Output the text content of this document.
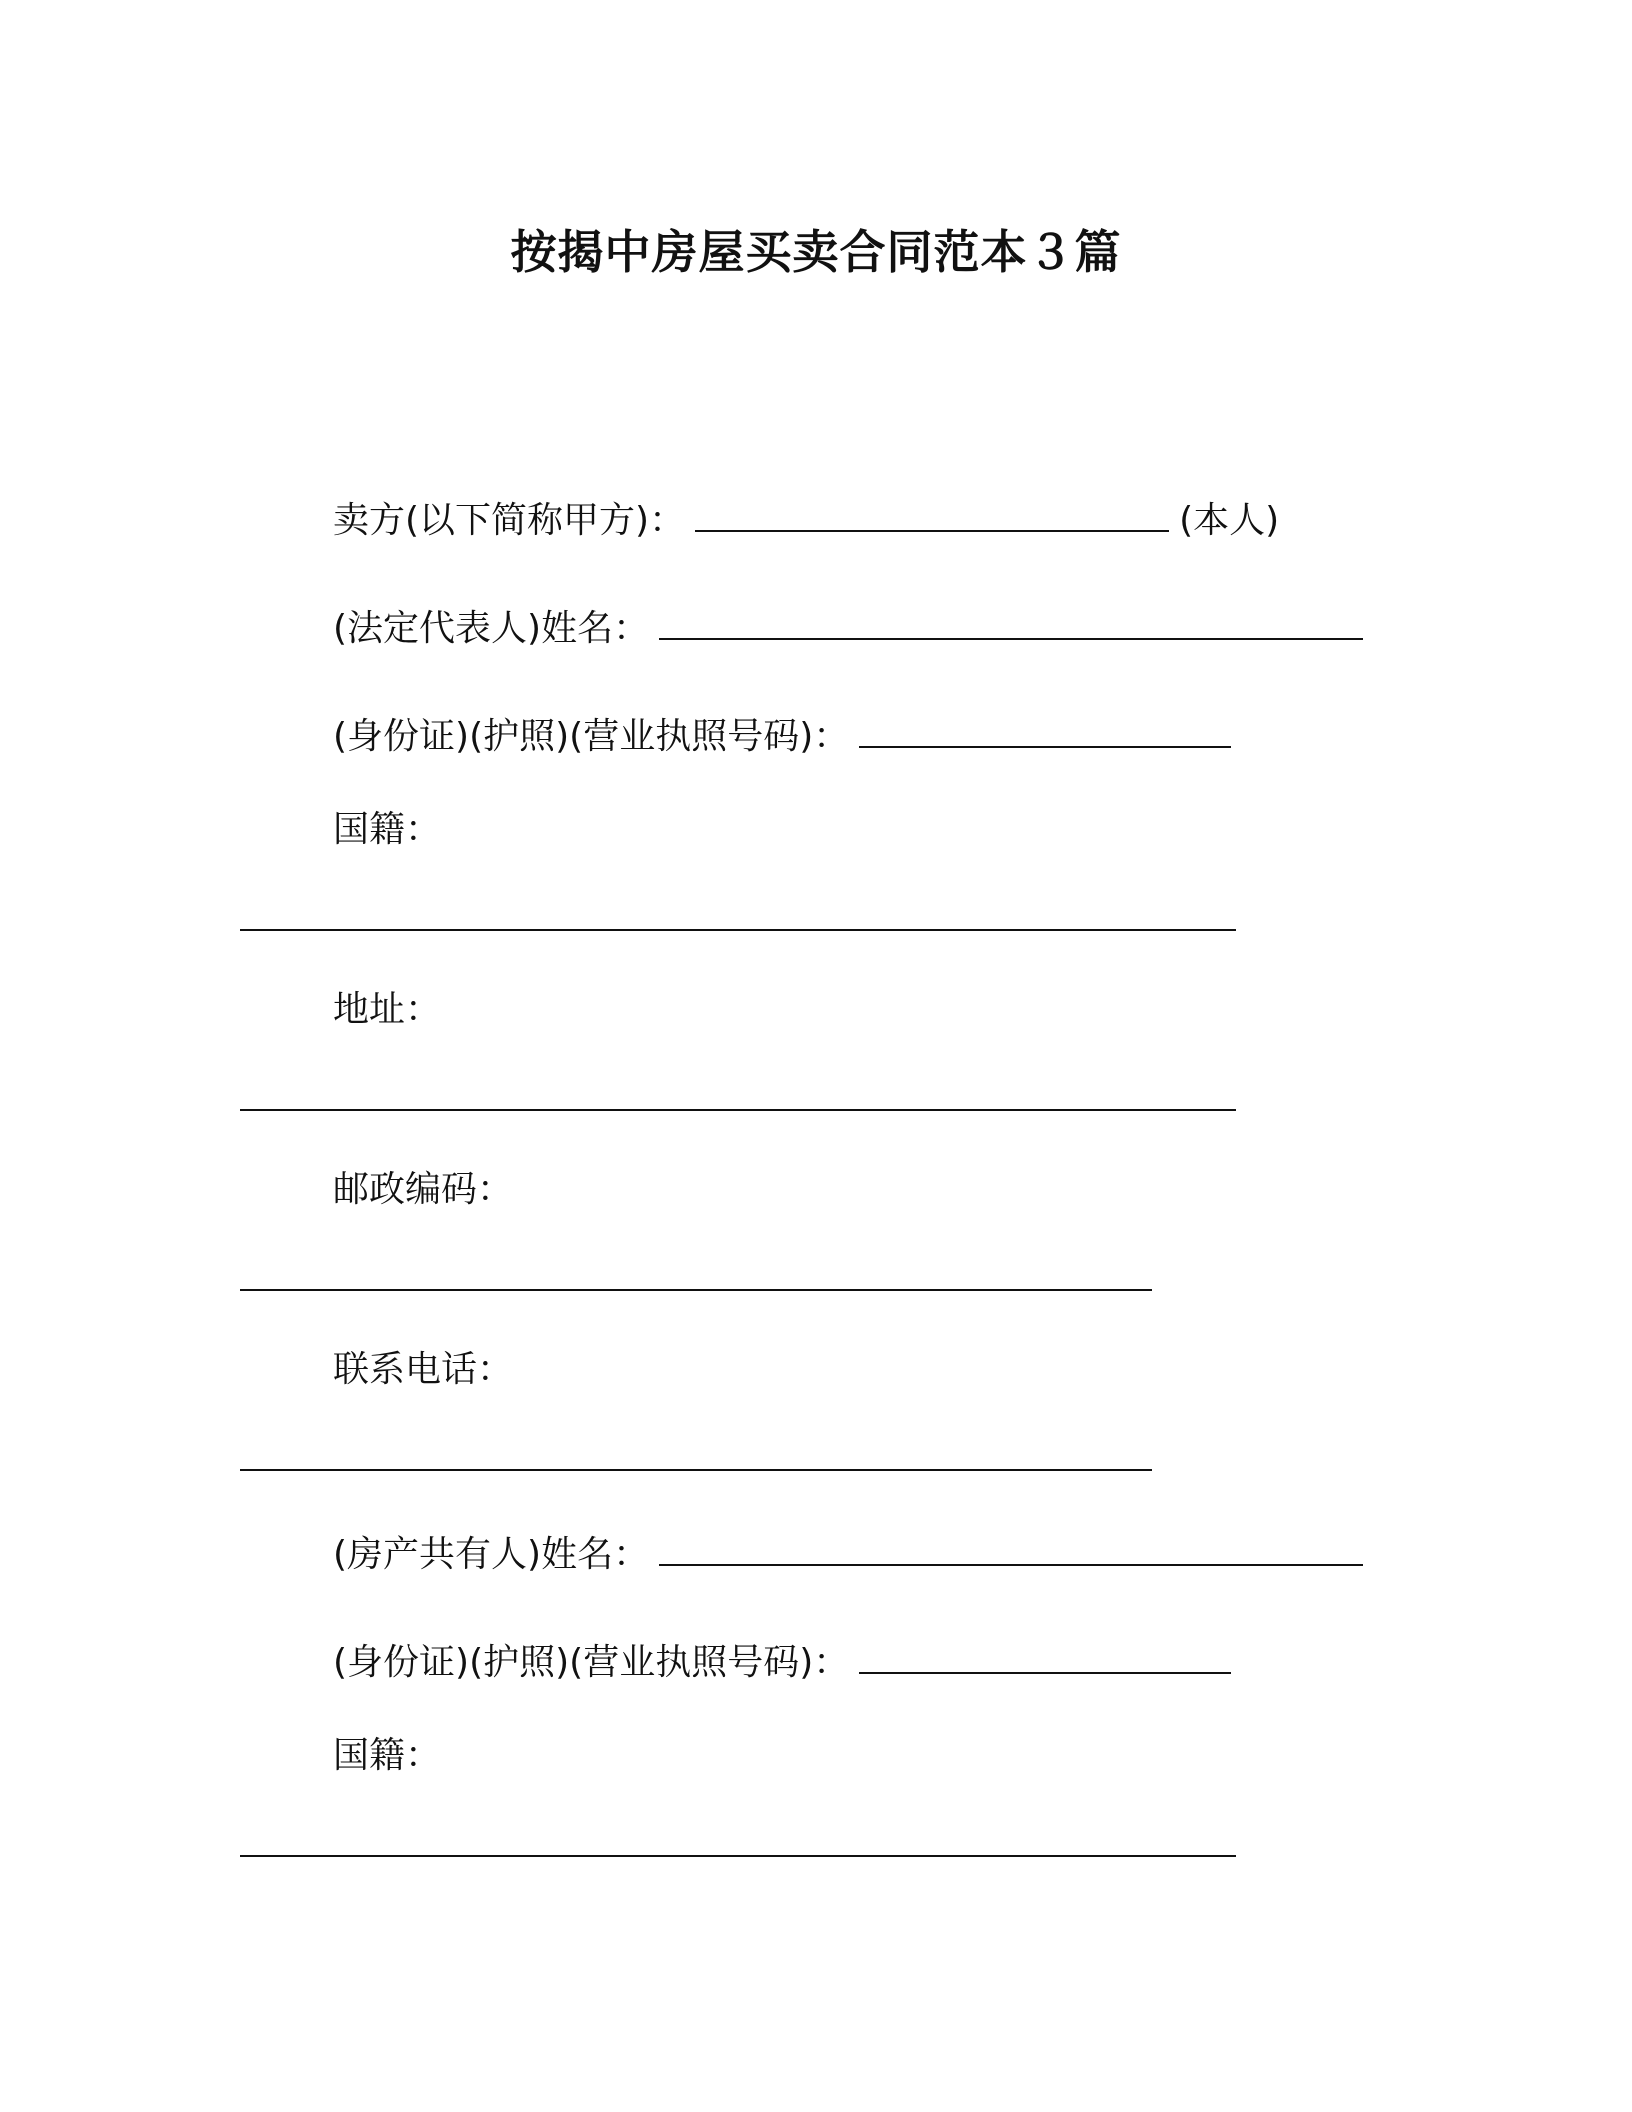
按揭中房屋买卖合同范本３篇
卖方(以下简称甲方)：	(本人)
(法定代表人)姓名：
(身份证)(护照)(营业执照号码)：
国籍：
地址：
邮政编码：
联系电话：
(房产共有人)姓名：
(身份证)(护照)(营业执照号码)：
国籍：
